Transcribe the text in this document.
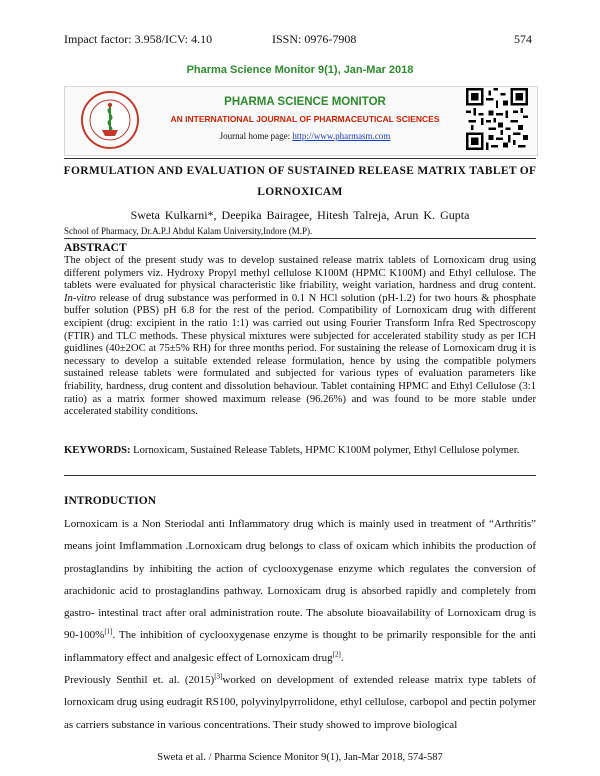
Impact factor: 3.958/ICV: 4.10	ISSN: 0976-7908	574
Pharma Science Monitor 9(1), Jan-Mar 2018
PHARMA SCIENCE MONITOR
AN INTERNATIONAL JOURNAL OF PHARMACEUTICAL SCIENCES
Journal home page: http://www.pharmasm.com
FORMULATION AND EVALUATION OF SUSTAINED RELEASE MATRIX TABLET OF
LORNOXICAM
Sweta Kulkarni*, Deepika Bairagee, Hitesh Talreja, Arun K. Gupta
School of Pharmacy, Dr.A.P.J Abdul Kalam University,Indore (M.P).
ABSTRACT
The object of the present study was to develop sustained release matrix tablets of Lornoxicam drug using different polymers viz. Hydroxy Propyl methyl cellulose K100M (HPMC K100M) and Ethyl cellulose. The tablets were evaluated for physical characteristic like friability, weight variation, hardness and drug content. In-vitro release of drug substance was performed in 0.1 N HCl solution (pH-1.2) for two hours & phosphate buffer solution (PBS) pH 6.8 for the rest of the period. Compatibility of Lornoxicam drug with different excipient (drug: excipient in the ratio 1:1) was carried out using Fourier Transform Infra Red Spectroscopy (FTIR) and TLC methods. These physical mixtures were subjected for accelerated stability study as per ICH guidlines (40±2OC at 75±5% RH) for three months period. For sustaining the release of Lornoxicam drug it is necessary to develop a suitable extended release formulation, hence by using the compatible polymers sustained release tablets were formulated and subjected for various types of evaluation parameters like friability, hardness, drug content and dissolution behaviour. Tablet containing HPMC and Ethyl Cellulose (3:1 ratio) as a matrix former showed maximum release (96.26%) and was found to be more stable under accelerated stability conditions.
KEYWORDS: Lornoxicam, Sustained Release Tablets, HPMC K100M polymer, Ethyl Cellulose polymer.
INTRODUCTION
Lornoxicam is a Non Steriodal anti Inflammatory drug which is mainly used in treatment of “Arthritis” means joint Imflammation .Lornoxicam drug belongs to class of oxicam which inhibits the production of prostaglandins by inhibiting the action of cyclooxygenase enzyme which regulates the conversion of arachidonic acid to prostaglandins pathway. Lornoxicam drug is absorbed rapidly and completely from gastro- intestinal tract after oral administration route. The absolute bioavailability of Lornoxicam drug is 90-100%[1]. The inhibition of cyclooxygenase enzyme is thought to be primarily responsible for the anti inflammatory effect and analgesic effect of Lornoxicam drug[2].
Previously Senthil et. al. (2015)[3]worked on development of extended release matrix type tablets of lornoxicam drug using eudragit RS100, polyvinylpyrrolidone, ethyl cellulose, carbopol and pectin polymer as carriers substance in various concentrations. Their study showed to improve biological
Sweta et al. / Pharma Science Monitor 9(1), Jan-Mar 2018, 574-587
